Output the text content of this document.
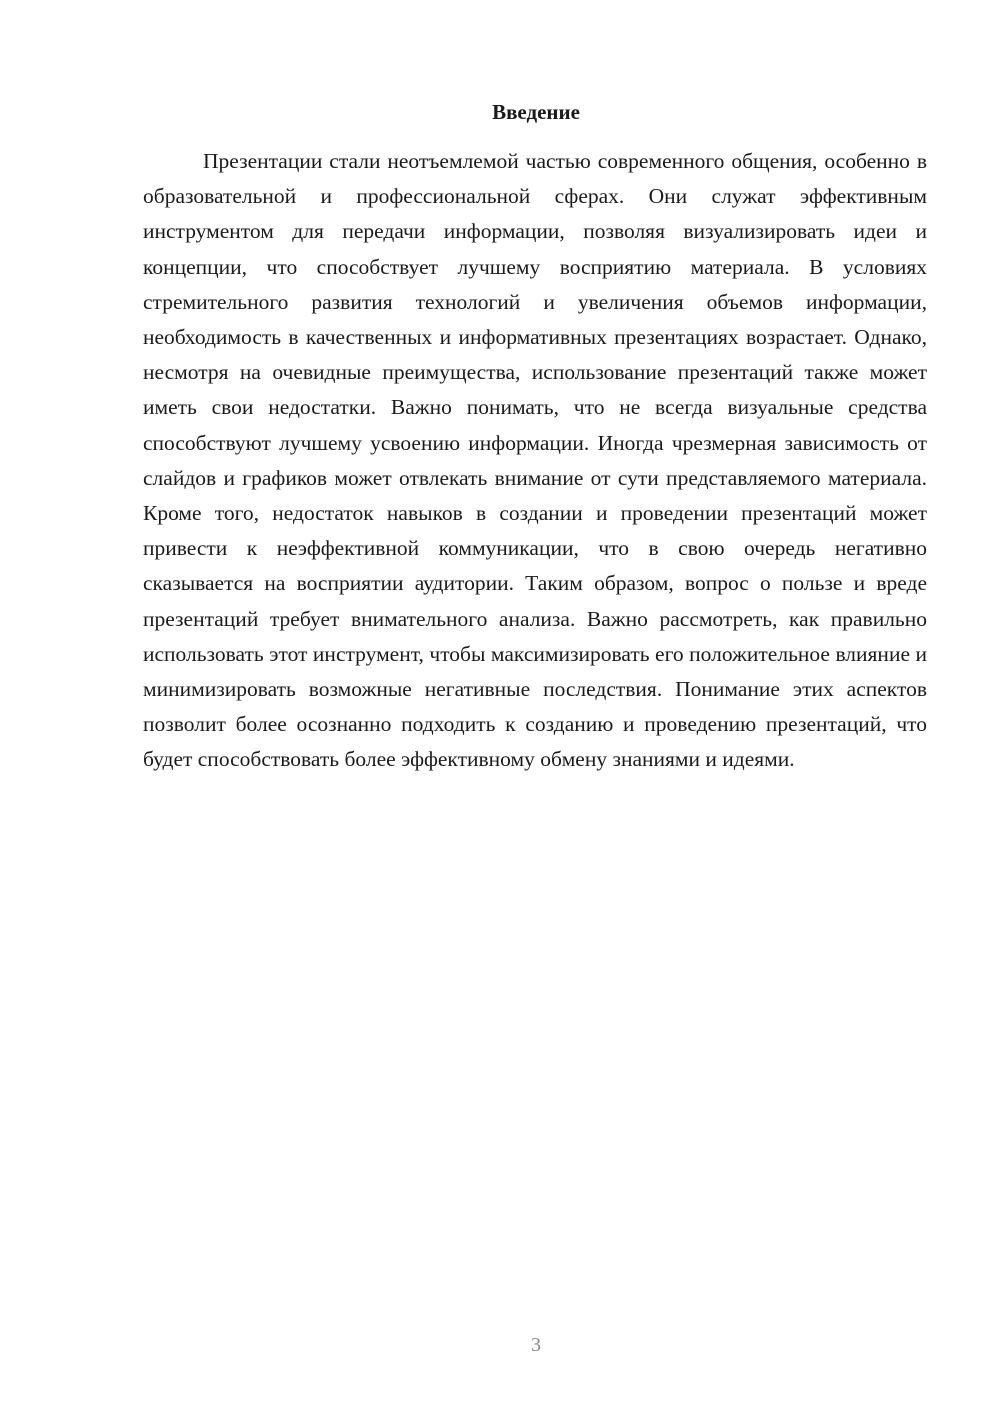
Введение

Презентации стали неотъемлемой частью современного общения, особенно в образовательной и профессиональной сферах. Они служат эффективным инструментом для передачи информации, позволяя визуализировать идеи и концепции, что способствует лучшему восприятию материала. В условиях стремительного развития технологий и увеличения объемов информации, необходимость в качественных и информативных презентациях возрастает. Однако, несмотря на очевидные преимущества, использование презентаций также может иметь свои недостатки. Важно понимать, что не всегда визуальные средства способствуют лучшему усвоению информации. Иногда чрезмерная зависимость от слайдов и графиков может отвлекать внимание от сути представляемого материала. Кроме того, недостаток навыков в создании и проведении презентаций может привести к неэффективной коммуникации, что в свою очередь негативно сказывается на восприятии аудитории. Таким образом, вопрос о пользе и вреде презентаций требует внимательного анализа. Важно рассмотреть, как правильно использовать этот инструмент, чтобы максимизировать его положительное влияние и минимизировать возможные негативные последствия. Понимание этих аспектов позволит более осознанно подходить к созданию и проведению презентаций, что будет способствовать более эффективному обмену знаниями и идеями.

3
